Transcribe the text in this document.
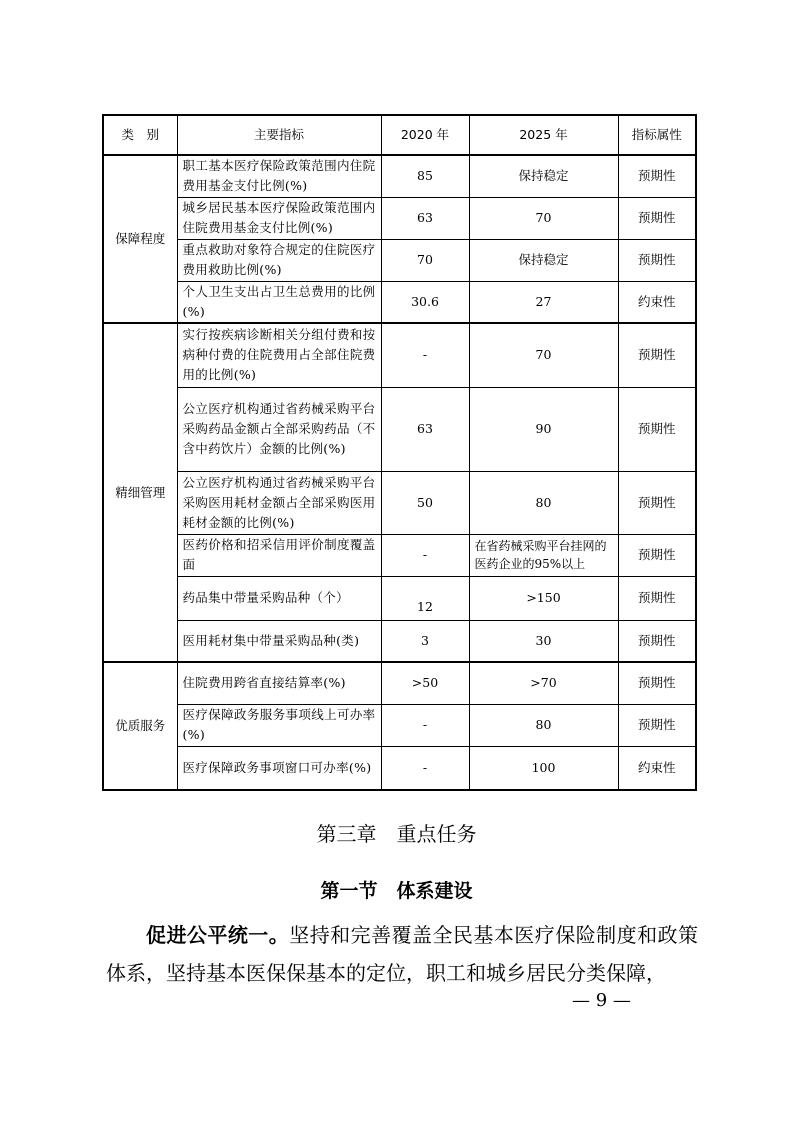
类　别	主要指标	2020 年	2025 年	指标属性
保障程度	职工基本医疗保险政策范围内住院费用基金支付比例(%)	85	保持稳定	预期性
	城乡居民基本医疗保险政策范围内住院费用基金支付比例(%)	63	70	预期性
	重点救助对象符合规定的住院医疗费用救助比例(%)	70	保持稳定	预期性
	个人卫生支出占卫生总费用的比例(%)	30.6	27	约束性
精细管理	实行按疾病诊断相关分组付费和按病种付费的住院费用占全部住院费用的比例(%)	-	70	预期性
	公立医疗机构通过省药械采购平台采购药品金额占全部采购药品（不含中药饮片）金额的比例(%)	63	90	预期性
	公立医疗机构通过省药械采购平台采购医用耗材金额占全部采购医用耗材金额的比例(%)	50	80	预期性
	医药价格和招采信用评价制度覆盖面	-	在省药械采购平台挂网的医药企业的95%以上	预期性
	药品集中带量采购品种（个）	12	>150	预期性
	医用耗材集中带量采购品种(类)	3	30	预期性
优质服务	住院费用跨省直接结算率(%)	>50	>70	预期性
	医疗保障政务服务事项线上可办率(%)	-	80	预期性
	医疗保障政务事项窗口可办率(%)	-	100	约束性
第三章　重点任务
第一节　体系建设
促进公平统一。坚持和完善覆盖全民基本医疗保险制度和政策体系，坚持基本医保保基本的定位，职工和城乡居民分类保障，
— 9 —
